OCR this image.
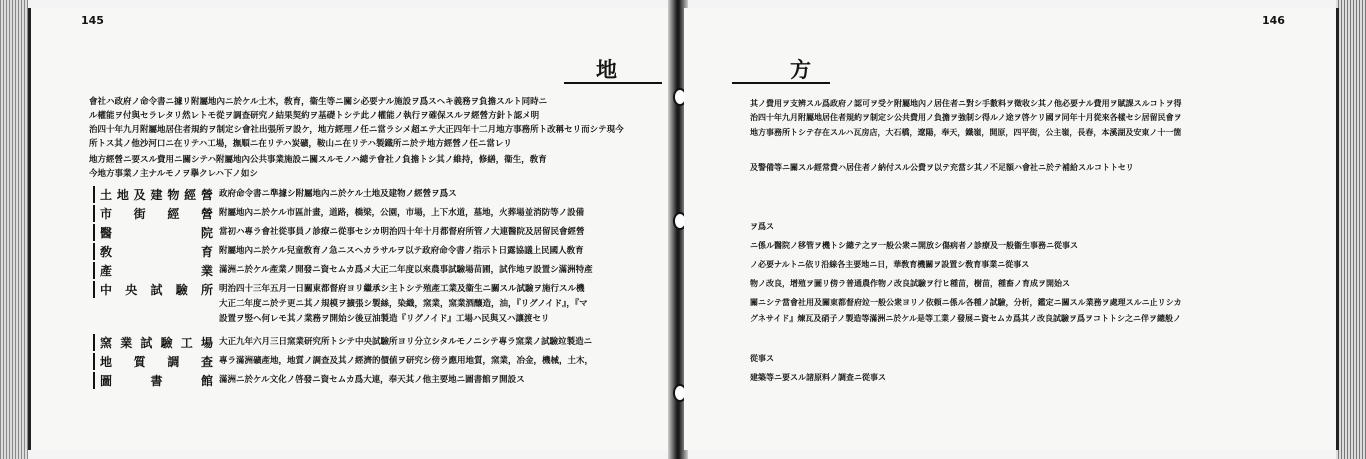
145
地
會社ハ政府ノ命令書ニ據リ附屬地內ニ於ケル土木，敎育，衞生等ニ關シ必要ナル施設ヲ爲スヘキ義務ヲ負擔スルト同時ニ
ル權能ヲ付與セラレタリ然レトモ從ヲ調查研究ノ結果契約ヲ基礎トシテ此ノ權能ノ執行ヲ確保スルヲ經營方針ト認メ明
治四十年九月附屬地居住者規約ヲ制定シ會社出張所ヲ設ケ，地方經理ノ任ニ當ラシメ超エテ大正四年十二月地方事務所ト改稱セリ而シテ現今
所トス其ノ他沙河口ニ在リテハ工場，撫順ニ在リテハ炭礦，鞍山ニ在リテハ製鐵所ニ於テ地方經營ノ任ニ當レリ
地方經營ニ要スル費用ニ關シテハ附屬地內公共事業施設ニ關スルモノハ總テ會社ノ負擔トシ其ノ維持，修繕，衞生，敎育
今地方事業ノ主ナルモノヲ擧クレハ下ノ如シ
土 地 及 建 物 經 營 政府命令書ニ準據シ附屬地內ニ於ケル土地及建物ノ經營ヲ爲ス
市 街 經 營 附屬地內ニ於ケル市區計畫，道路，橋梁，公園，市場，上下水道，墓地，火葬場並消防等ノ設備
醫	院 當初ハ專ラ會社從事員ノ診療ニ從事セシカ明治四十年十月都督府所管ノ大連醫院及居留民會經營
敎	育 附屬地內ニ於ケル兒童敎育ノ急ニスヘカラサルヲ以テ政府命令書ノ指示ト日露協議上民國人敎育
產	業 滿洲ニ於ケル產業ノ開發ニ資セムカ爲メ大正二年度以來農事試驗場苗圃，試作地ヲ設置シ滿洲特產
中 央 試 驗 所 明治四十三年五月一日關東都督府ヨリ繼承シ主トシテ殖產工業及衞生ニ關スル試驗ヲ施行スル機
大正二年度ニ於テ更ニ其ノ規模ヲ擴張シ製絲，染織，窯業，窯業酒釀造，油，『リグノイド』，『マ
設置ヲ竪ヘ何レモ其ノ業務ヲ開始シ後豆油製造『リグノイド』工場ハ民與又ハ讓渡セリ
窯 業 試 驗 工 場 大正九年六月三日窯業研究所トシテ中央試驗所ヨリ分立シタルモノニシテ專ラ窯業ノ試驗竝製造ニ
地 質 調 查 專ラ滿洲礦產地，地質ノ調查及其ノ經濟的價値ヲ研究シ傍ラ應用地質，窯業，冶金，機械，土木，
圖	書	館 滿洲ニ於ケル文化ノ啓發ニ資セムカ爲大連，奉天其ノ他主要地ニ圖書館ヲ開設ス
146
方
其ノ費用ヲ支辨スル爲政府ノ認可ヲ受ケ附屬地內ノ居住者ニ對シ手數料ヲ徵收シ其ノ他必要ナル費用ヲ賦課スルコトヲ得
治四十年九月附屬地居住者規約ヲ制定シ公共費用ノ負擔ヲ強制シ得ルノ途ヲ啓ケリ國ヲ同年十月從來各樣セシ居留民會ヲ
地方事務所トシテ存在スルハ瓦房店，大石橋，遼陽，奉天，鐵嶺，開原，四平街，公主嶺，長春，本溪湖及安東ノ十一箇
及警備等ニ關スル經常費ハ居住者ノ納付スル公費ヲ以テ充當シ其ノ不足額ハ會社ニ於テ補給スルコトトセリ
ヲ爲ス
ニ係ル醫院ノ移管ヲ機トシ總テ之ヲ一般公衆ニ開放シ傷病者ノ診療及一般衞生事務ニ從事ス
ノ必要ナルトニ依リ沿線各主要地ニ日，華敎育機關ヲ設置シ敎育事業ニ從事ス
物ノ改良，增殖ヲ圖リ傍ラ普通農作物ノ改良試驗ヲ行ヒ種苗，樹苗，種畜ノ育成ヲ開始ス
關ニシテ當會社用及關東都督府竝一般公衆ヨリノ依頼ニ係ル各種ノ試驗，分析，鑑定ニ關スル業務ヲ處理スルニ止リシカ
グネサイド』煉瓦及硝子ノ製造等滿洲ニ於ケル是等工業ノ發展ニ資セムカ爲其ノ改良試驗ヲ爲ヲコトトシ之ニ伴ヲ總般ノ
從事ス
建築等ニ要スル諸原料ノ調查ニ從事ス
